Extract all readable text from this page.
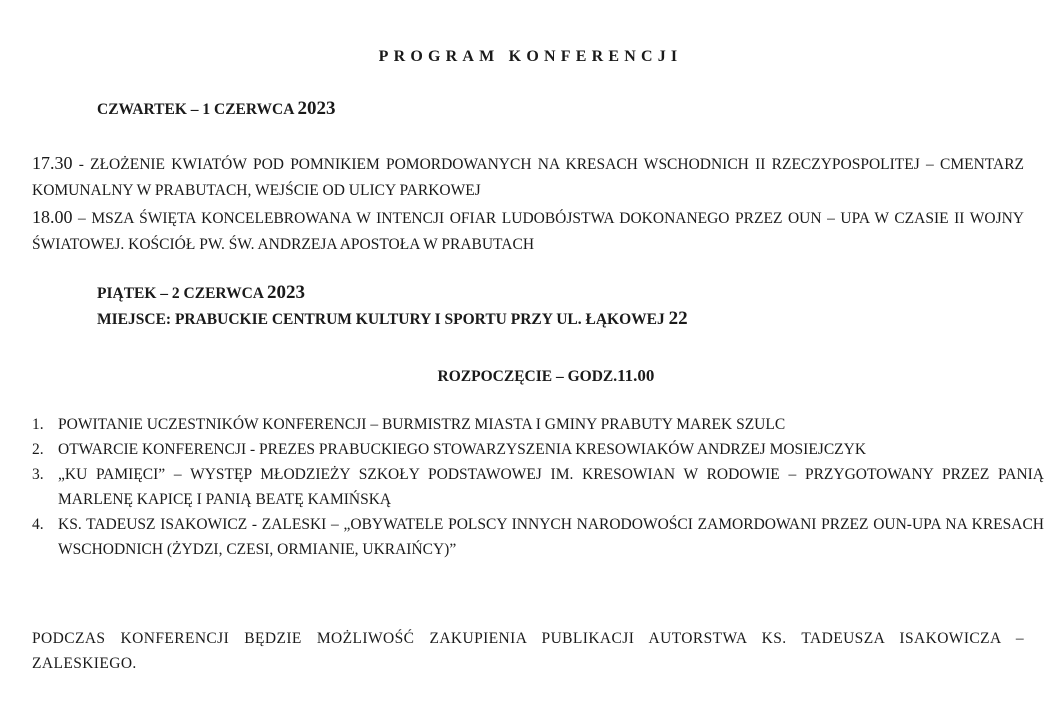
PROGRAM KONFERENCJI
CZWARTEK – 1 CZERWCA 2023
17.30 - ZŁOŻENIE KWIATÓW POD POMNIKIEM POMORDOWANYCH NA KRESACH WSCHODNICH II RZECZYPOSPOLITEJ – CMENTARZ KOMUNALNY W PRABUTACH, WEJŚCIE OD ULICY PARKOWEJ
18.00 – MSZA ŚWIĘTA KONCELEBROWANA W INTENCJI OFIAR LUDOBÓJSTWA DOKONANEGO PRZEZ OUN – UPA W CZASIE II WOJNY ŚWIATOWEJ. KOŚCIÓŁ PW. ŚW. ANDRZEJA APOSTOŁA W PRABUTACH
PIĄTEK – 2 CZERWCA 2023
MIEJSCE: PRABUCKIE CENTRUM KULTURY I SPORTU PRZY UL. ŁĄKOWEJ 22
ROZPOCZĘCIE – GODZ.11.00
1. POWITANIE UCZESTNIKÓW KONFERENCJI – BURMISTRZ MIASTA I GMINY PRABUTY MAREK SZULC
2. OTWARCIE KONFERENCJI - PREZES PRABUCKIEGO STOWARZYSZENIA KRESOWIAKÓW ANDRZEJ MOSIEJCZYK
3. „KU PAMIĘCI” – WYSTĘP MŁODZIEŻY SZKOŁY PODSTAWOWEJ IM. KRESOWIAN W RODOWIE – PRZYGOTOWANY PRZEZ PANIĄ MARLENĘ KAPICĘ I PANIĄ BEATĘ KAMIŃSKĄ
4. KS. TADEUSZ ISAKOWICZ - ZALESKI – „OBYWATELE POLSCY INNYCH NARODOWOŚCI ZAMORDOWANI PRZEZ OUN-UPA NA KRESACH WSCHODNICH (ŻYDZI, CZESI, ORMIANIE, UKRAIŃCY)”
PODCZAS KONFERENCJI BĘDZIE MOŻLIWOŚĆ ZAKUPIENIA PUBLIKACJI AUTORSTWA KS. TADEUSZA ISAKOWICZA – ZALESKIEGO.
